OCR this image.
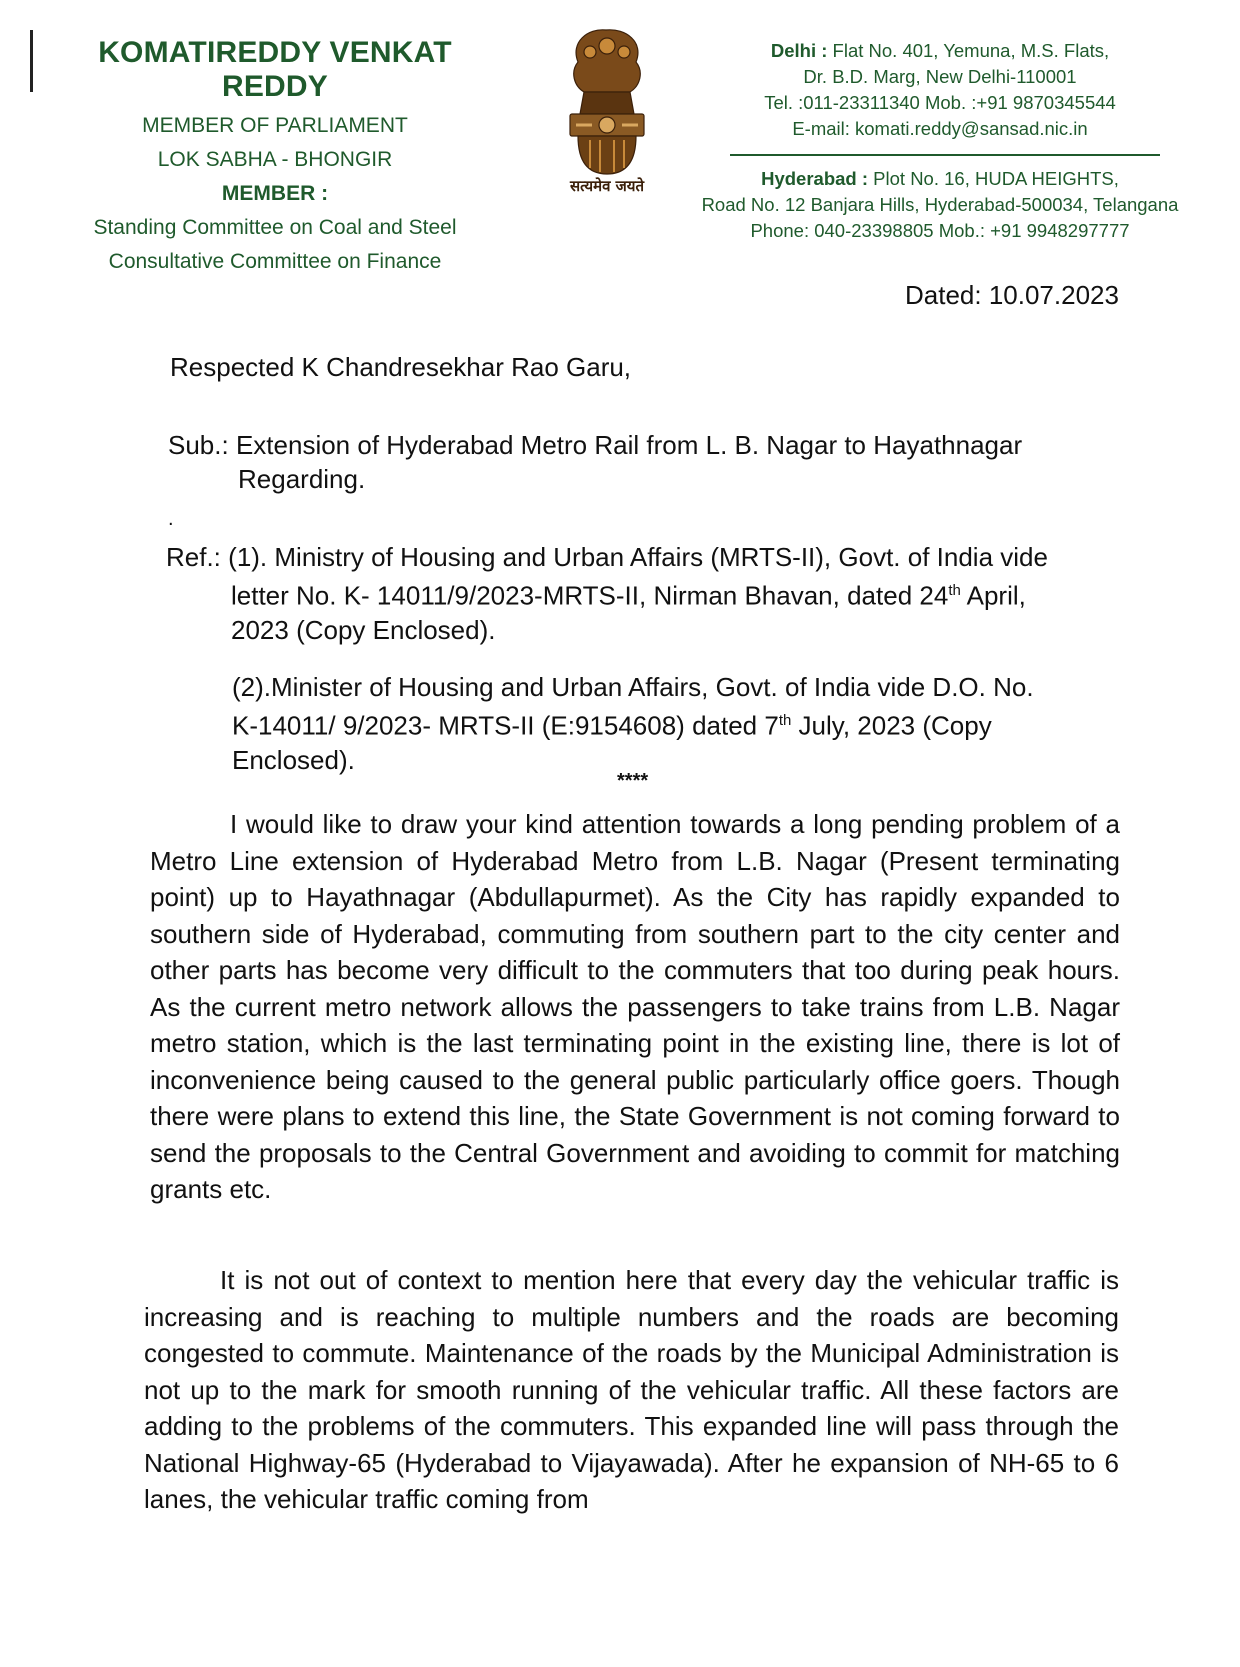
KOMATIREDDY VENKAT REDDY
MEMBER OF PARLIAMENT
LOK SABHA - BHONGIR
MEMBER :
Standing Committee on Coal and Steel
Consultative Committee on Finance
सत्यमेव जयते
Delhi : Flat No. 401, Yemuna, M.S. Flats,
Dr. B.D. Marg, New Delhi-110001
Tel. :011-23311340 Mob. :+91 9870345544
E-mail: komati.reddy@sansad.nic.in
Hyderabad : Plot No. 16, HUDA HEIGHTS,
Road No. 12 Banjara Hills, Hyderabad-500034, Telangana
Phone: 040-23398805 Mob.: +91 9948297777
Dated: 10.07.2023
Respected K Chandresekhar Rao Garu,
Sub.: Extension of Hyderabad Metro Rail from L. B. Nagar to Hayathnagar
Regarding.
.
Ref.: (1). Ministry of Housing and Urban Affairs (MRTS-II), Govt. of India vide
letter No. K- 14011/9/2023-MRTS-II, Nirman Bhavan, dated 24th April,
2023 (Copy Enclosed).
(2).Minister of Housing and Urban Affairs, Govt. of India vide D.O. No.
K-14011/ 9/2023- MRTS-II (E:9154608) dated 7th July, 2023 (Copy
Enclosed).
****
I would like to draw your kind attention towards a long pending problem of a Metro Line extension of Hyderabad Metro from L.B. Nagar (Present terminating point) up to Hayathnagar (Abdullapurmet). As the City has rapidly expanded to southern side of Hyderabad, commuting from southern part to the city center and other parts has become very difficult to the commuters that too during peak hours. As the current metro network allows the passengers to take trains from L.B. Nagar metro station, which is the last terminating point in the existing line, there is lot of inconvenience being caused to the general public particularly office goers. Though there were plans to extend this line, the State Government is not coming forward to send the proposals to the Central Government and avoiding to commit for matching grants etc.
It is not out of context to mention here that every day the vehicular traffic is increasing and is reaching to multiple numbers and the roads are becoming congested to commute. Maintenance of the roads by the Municipal Administration is not up to the mark for smooth running of the vehicular traffic. All these factors are adding to the problems of the commuters. This expanded line will pass through the National Highway-65 (Hyderabad to Vijayawada). After he expansion of NH-65 to 6 lanes, the vehicular traffic coming from
